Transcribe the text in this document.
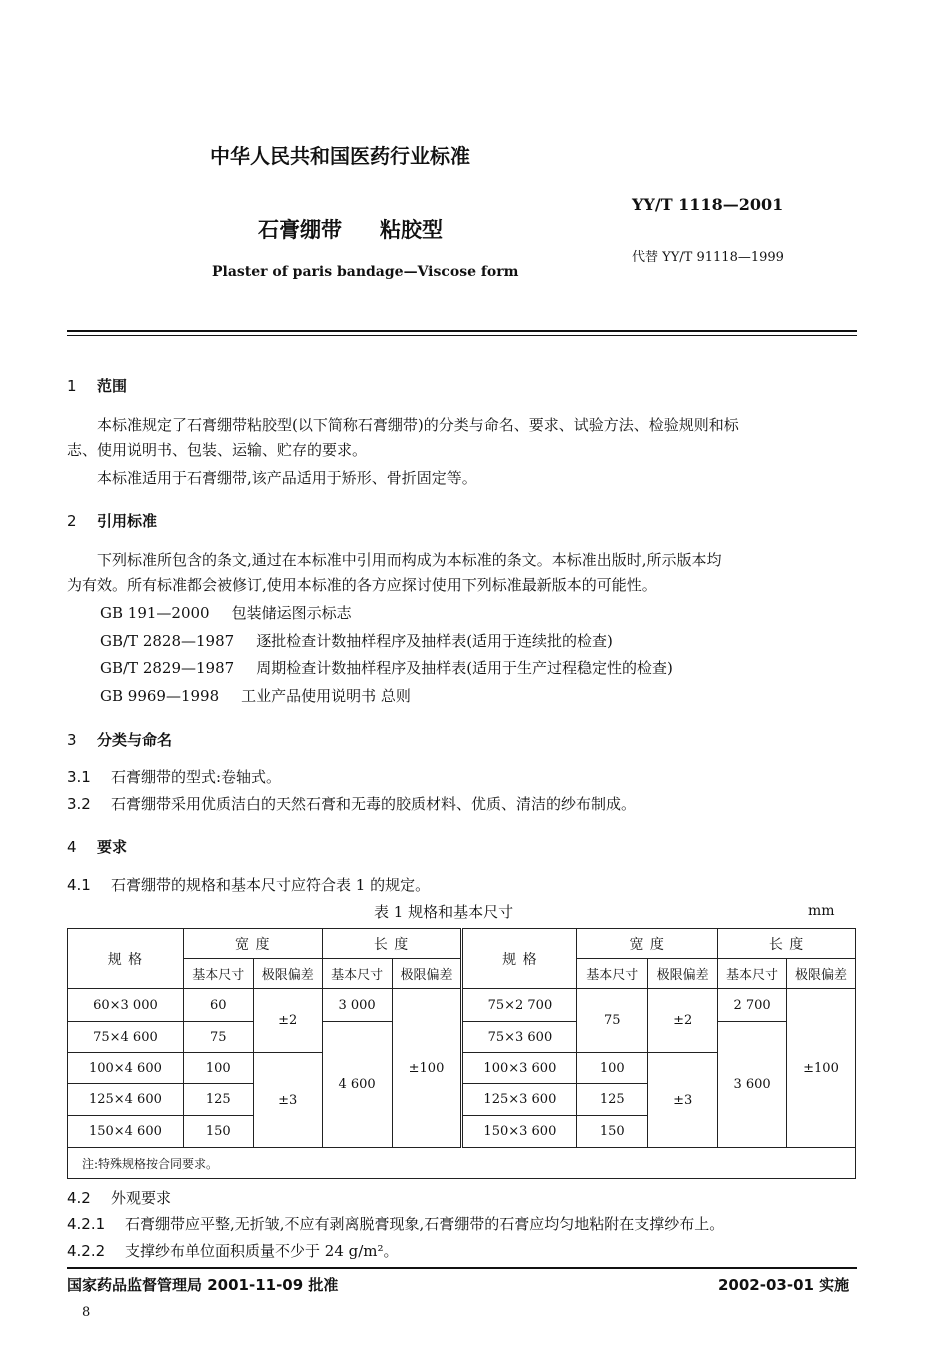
中华人民共和国医药行业标准
YY/T 1118—2001
石膏绷带 粘胶型
代替 YY/T 91118—1999
Plaster of paris bandage—Viscose form
1 范围
本标准规定了石膏绷带粘胶型(以下简称石膏绷带)的分类与命名、要求、试验方法、检验规则和标
志、使用说明书、包装、运输、贮存的要求。
本标准适用于石膏绷带,该产品适用于矫形、骨折固定等。
2 引用标准
下列标准所包含的条文,通过在本标准中引用而构成为本标准的条文。本标准出版时,所示版本均
为有效。所有标准都会被修订,使用本标准的各方应探讨使用下列标准最新版本的可能性。
GB 191—2000 包装储运图示标志
GB/T 2828—1987 逐批检查计数抽样程序及抽样表(适用于连续批的检查)
GB/T 2829—1987 周期检查计数抽样程序及抽样表(适用于生产过程稳定性的检查)
GB 9969—1998 工业产品使用说明书 总则
3 分类与命名
3.1 石膏绷带的型式:卷轴式。
3.2 石膏绷带采用优质洁白的天然石膏和无毒的胶质材料、优质、清洁的纱布制成。
4 要求
4.1 石膏绷带的规格和基本尺寸应符合表 1 的规定。
表 1 规格和基本尺寸	mm
规 格	宽 度		长 度		规 格	宽 度		长 度	
	基本尺寸	极限偏差	基本尺寸	极限偏差		基本尺寸	极限偏差	基本尺寸	极限偏差
60×3 000	60	±2	3 000	±100	75×2 700	75	±2	2 700	±100
75×4 600	75		4 600		75×3 600			3 600	
100×4 600	100	±3			100×3 600	100	±3		
125×4 600	125				125×3 600	125			
150×4 600	150				150×3 600	150			
注:特殊规格按合同要求。									
4.2 外观要求
4.2.1 石膏绷带应平整,无折皱,不应有剥离脱膏现象,石膏绷带的石膏应均匀地粘附在支撑纱布上。
4.2.2 支撑纱布单位面积质量不少于 24 g/m²。
国家药品监督管理局 2001-11-09 批准	2002-03-01 实施
8
